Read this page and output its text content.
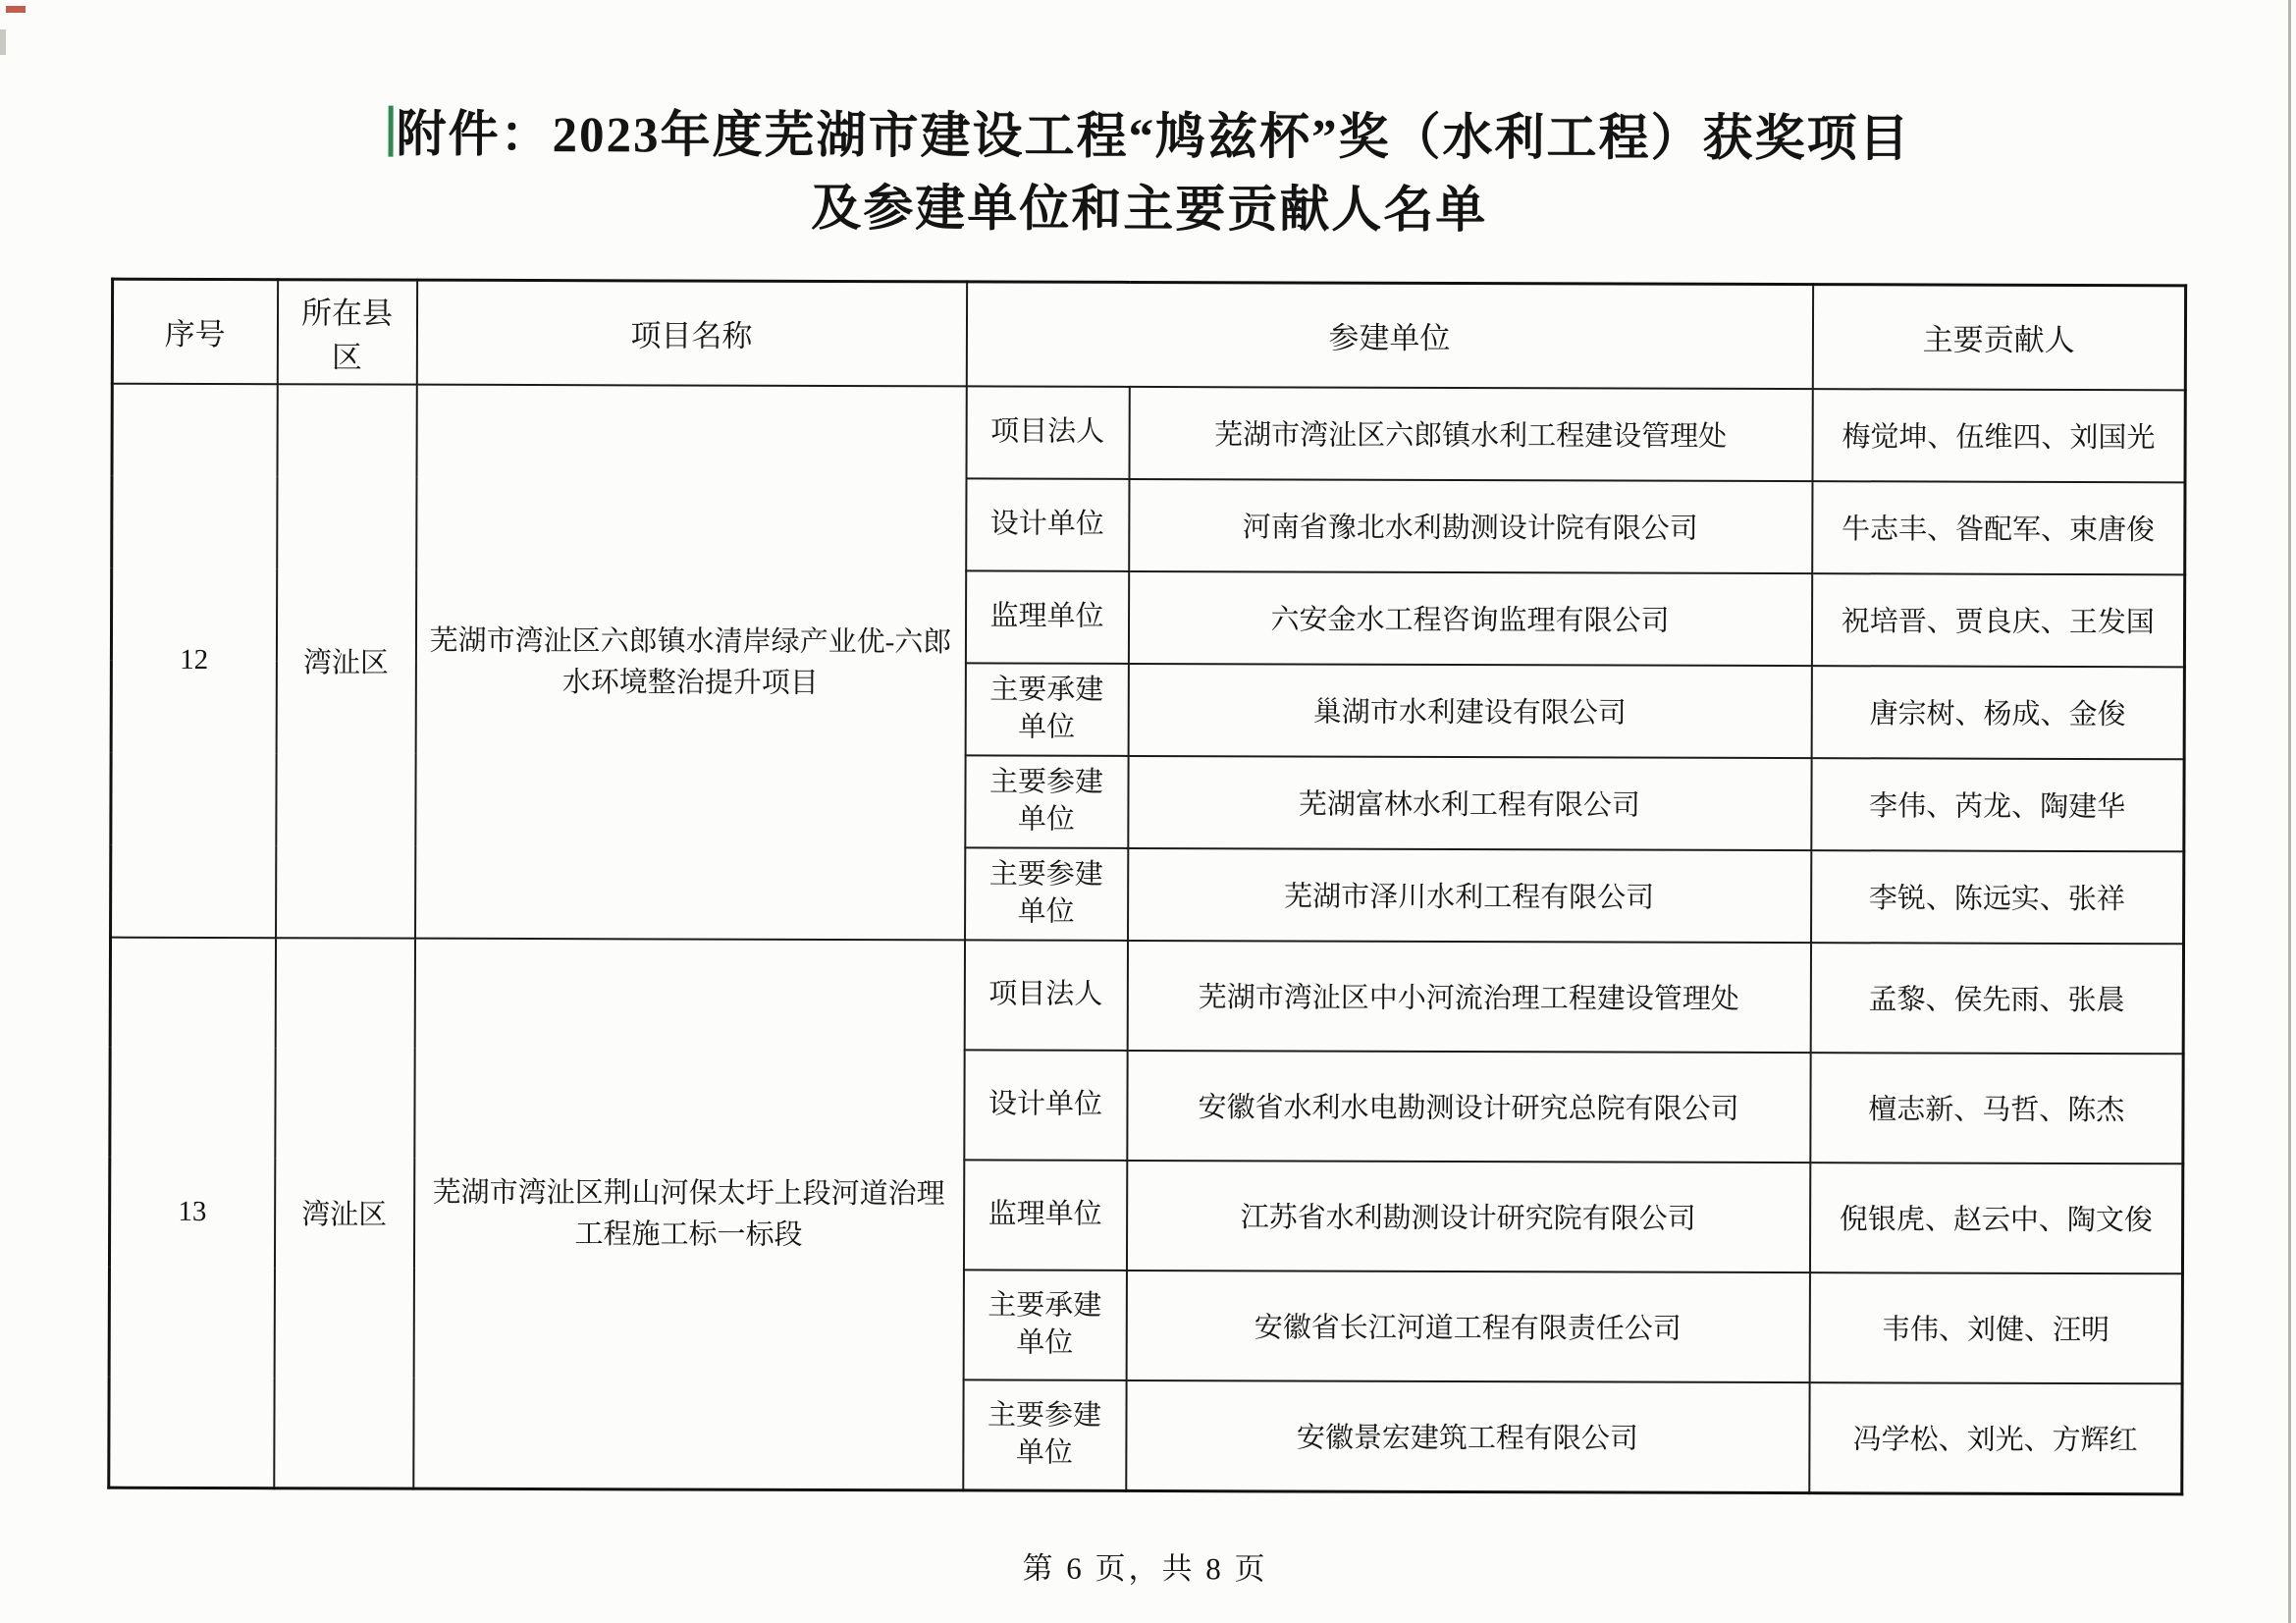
附件：2023年度芜湖市建设工程“鸠兹杯”奖（水利工程）获奖项目
及参建单位和主要贡献人名单
序号	所在县区	项目名称	参建单位		主要贡献人
12	湾沚区	芜湖市湾沚区六郎镇水清岸绿产业优-六郎水环境整治提升项目	项目法人	芜湖市湾沚区六郎镇水利工程建设管理处	梅觉坤、伍维四、刘国光
			设计单位	河南省豫北水利勘测设计院有限公司	牛志丰、昝配军、束唐俊
			监理单位	六安金水工程咨询监理有限公司	祝培晋、贾良庆、王发国
			主要承建单位	巢湖市水利建设有限公司	唐宗树、杨成、金俊
			主要参建单位	芜湖富林水利工程有限公司	李伟、芮龙、陶建华
			主要参建单位	芜湖市泽川水利工程有限公司	李锐、陈远实、张祥
13	湾沚区	芜湖市湾沚区荆山河保太圩上段河道治理工程施工标一标段	项目法人	芜湖市湾沚区中小河流治理工程建设管理处	孟黎、侯先雨、张晨
			设计单位	安徽省水利水电勘测设计研究总院有限公司	檀志新、马哲、陈杰
			监理单位	江苏省水利勘测设计研究院有限公司	倪银虎、赵云中、陶文俊
			主要承建单位	安徽省长江河道工程有限责任公司	韦伟、刘健、汪明
			主要参建单位	安徽景宏建筑工程有限公司	冯学松、刘光、方辉红
第 6 页，共 8 页
